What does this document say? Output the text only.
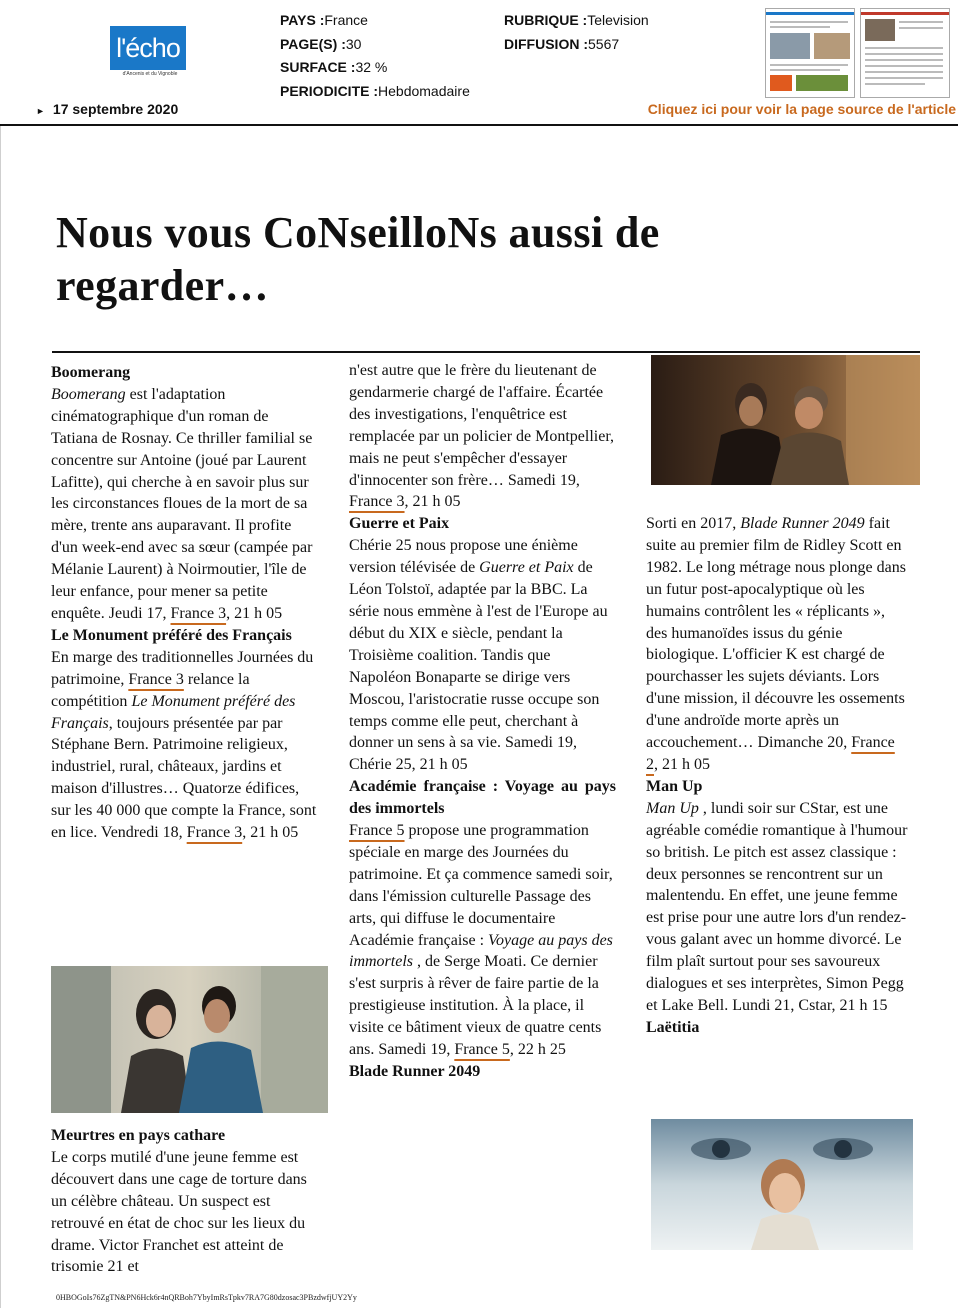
l'écho
d'Ancenis et du Vignoble
PAYS :France
PAGE(S) :30
SURFACE :32 %
PERIODICITE :Hebdomadaire
RUBRIQUE :Television
DIFFUSION :5567
► 17 septembre 2020	Cliquez ici pour voir la page source de l'article
Nous vous CoNseilloNs aussi de regarder…

Boomerang

Boomerang est l'adaptation cinématographique d'un roman de Tatiana de Rosnay. Ce thriller familial se concentre sur Antoine (joué par Laurent Lafitte), qui cherche à en savoir plus sur les circonstances floues de la mort de sa mère, trente ans auparavant. Il profite d'un week-end avec sa sœur (campée par Mélanie Laurent) à Noirmoutier, l'île de leur enfance, pour mener sa petite enquête. Jeudi 17, France 3, 21 h 05

Le Monument préféré des Français

En marge des traditionnelles Journées du patrimoine, France 3 relance la compétition Le Monument préféré des Français, toujours présentée par par Stéphane Bern. Patrimoine religieux, industriel, rural, châteaux, jardins et maison d'illustres… Quatorze édifices, sur les 40 000 que compte la France, sont en lice. Vendredi 18, France 3, 21 h 05

Meurtres en pays cathare

Le corps mutilé d'une jeune femme est découvert dans une cage de torture dans un célèbre château. Un suspect est retrouvé en état de choc sur les lieux du drame. Victor Franchet est atteint de trisomie 21 et

n'est autre que le frère du lieutenant de gendarmerie chargé de l'affaire. Écartée des investigations, l'enquêtrice est remplacée par un policier de Montpellier, mais ne peut s'empêcher d'essayer d'innocenter son frère… Samedi 19, France 3, 21 h 05

Guerre et Paix

Chérie 25 nous propose une énième version télévisée de Guerre et Paix de Léon Tolstoï, adaptée par la BBC. La série nous emmène à l'est de l'Europe au début du XIX e siècle, pendant la Troisième coalition. Tandis que Napoléon Bonaparte se dirige vers Moscou, l'aristocratie russe occupe son temps comme elle peut, cherchant à donner un sens à sa vie. Samedi 19, Chérie 25, 21 h 05

Académie française : Voyage au pays des immortels

France 5 propose une programmation spéciale en marge des Journées du patrimoine. Et ça commence samedi soir, dans l'émission culturelle Passage des arts, qui diffuse le documentaire Académie française : Voyage au pays des immortels , de Serge Moati. Ce dernier s'est surpris à rêver de faire partie de la prestigieuse institution. À la place, il visite ce bâtiment vieux de quatre cents ans. Samedi 19, France 5, 22 h 25

Blade Runner 2049

Sorti en 2017, Blade Runner 2049 fait suite au premier film de Ridley Scott en 1982. Le long métrage nous plonge dans un futur post-apocalyptique où les humains contrôlent les « réplicants », des humanoïdes issus du génie biologique. L'officier K est chargé de pourchasser les sujets déviants. Lors d'une mission, il découvre les ossements d'une androïde morte après un accouchement… Dimanche 20, France 2, 21 h 05

Man Up

Man Up , lundi soir sur CStar, est une agréable comédie romantique à l'humour so british. Le pitch est assez classique : deux personnes se rencontrent sur un malentendu. En effet, une jeune femme est prise pour une autre lors d'un rendez-vous galant avec un homme divorcé. Le film plaît surtout pour ses savoureux dialogues et ses interprètes, Simon Pegg et Lake Bell. Lundi 21, Cstar, 21 h 15

Laëtitia

0HBOGoIs76ZgTN&PN6Hck6r4nQRBoh7YbyImRsTpkv7RA7G80dzosac3PBzdwfjUY2Yy
